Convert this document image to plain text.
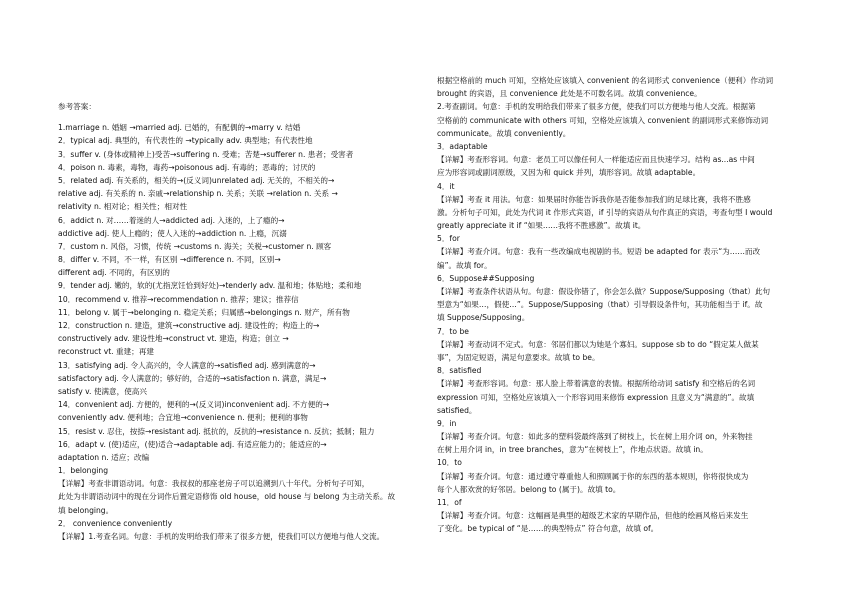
参考答案：
1.marriage n. 婚姻 →married adj. 已婚的，有配偶的→marry v. 结婚
2．typical adj. 典型的，有代表性的 →typically adv. 典型地；有代表性地
3．suffer v. (身体或精神上)受苦→suffering n. 受难；苦楚→sufferer n. 患者；受害者
4．poison n. 毒素，毒物，毒药→poisonous adj. 有毒的；恶毒的；讨厌的
5．related adj. 有关系的，相关的→(反义词)unrelated adj. 无关的，不相关的→
relative adj. 有关系的 n. 亲戚→relationship n. 关系；关联 →relation n. 关系 →
relativity n. 相对论；相关性；相对性
6．addict n. 对……着迷的人→addicted adj. 入迷的，上了瘾的→
addictive adj. 使人上瘾的；使人入迷的→addiction n. 上瘾，沉溺
7．custom n. 风俗，习惯，传统 →customs n. 海关；关税→customer n. 顾客
8．differ v. 不同，不一样，有区别 →difference n. 不同，区别→
different adj. 不同的，有区别的
9．tender adj. 嫩的，软的(尤指烹饪恰到好处)→tenderly adv. 温和地；体贴地；柔和地
10．recommend v. 推荐→recommendation n. 推荐；建议；推荐信
11．belong v. 属于→belonging n. 稳定关系；归属感→belongings n. 财产，所有物
12．construction n. 建造，建筑→constructive adj. 建设性的；构造上的→
constructively adv. 建设性地→construct vt. 建造，构造；创立 →
reconstruct vt. 重建；再建
13．satisfying adj. 令人高兴的，令人满意的→satisfied adj. 感到满意的→
satisfactory adj. 令人满意的；够好的，合适的→satisfaction n. 满意，满足→
satisfy v. 使满意，使高兴
14．convenient adj. 方便的，便利的→(反义词)inconvenient adj. 不方便的→
conveniently adv. 便利地；合宜地→convenience n. 便利；便利的事物
15．resist v. 忍住，按捺→resistant adj. 抵抗的，反抗的→resistance n. 反抗；抵制；阻力
16．adapt v. (使)适应，(使)适合→adaptable adj. 有适应能力的；能适应的→
adaptation n. 适应；改编
1．belonging
【详解】考查非谓语动词。句意：我叔叔的那座老房子可以追溯到八十年代。分析句子可知，
此处为非谓语动词中的现在分词作后置定语修饰 old house，old house 与 belong 为主动关系。故
填 belonging。
2． convenience conveniently
【详解】1.考查名词。句意：手机的发明给我们带来了很多方便，使我们可以方便地与他人交流。
根据空格前的 much 可知，空格处应该填入 convenient 的名词形式 convenience（便利）作动词
brought 的宾语，且 convenience 此处是不可数名词。故填 convenience。
2.考查副词。句意：手机的发明给我们带来了很多方便，使我们可以方便地与他人交流。根据第
空格前的 communicate with others 可知，空格处应该填入 convenient 的副词形式来修饰动词
communicate。故填 conveniently。
3．adaptable
【详解】考查形容词。句意：老员工可以像任何人一样能适应而且快速学习。结构 as...as 中间
应为形容词或副词原级，又因为和 quick 并列，填形容词。故填 adaptable。
4．it
【详解】考查 it 用法。句意：如果届时你能告诉我你是否能参加我们的足球比赛，我将不胜感
激。分析句子可知，此处为代词 it 作形式宾语，if 引导的宾语从句作真正的宾语，考查句型 I would
greatly appreciate it if “如果……我将不胜感激”。故填 it。
5．for
【详解】考查介词。句意：我有一些改编成电视剧的书。短语 be adapted for 表示“为……而改
编”。故填 for。
6．Suppose##Supposing
【详解】考查条件状语从句。句意：假设你错了，你会怎么做？Suppose/Supposing（that）此句
型意为“如果…，假使…”。Suppose/Supposing（that）引导假设条件句，其功能相当于 if。故
填 Suppose/Supposing。
7．to be
【详解】考查动词不定式。句意：邻居们都以为她是个寡妇。suppose sb to do “假定某人做某
事”，为固定短语，满足句意要求。故填 to be。
8．satisfied
【详解】考查形容词。句意：那人脸上带着满意的表情。根据所给动词 satisfy 和空格后的名词
expression 可知，空格处应该填入一个形容词用来修饰 expression 且意义为“满意的”。故填
satisfied。
9．in
【详解】考查介词。句意：如此多的塑料袋最终落到了树枝上，长在树上用介词 on，外来物挂
在树上用介词 in，in tree branches，意为“在树枝上”，作地点状语。故填 in。
10．to
【详解】考查介词。句意：通过遵守尊重他人和照顾属于你的东西的基本规则，你将很快成为
每个人都欢赏的好邻居。belong to (属于)。故填 to。
11．of
【详解】考查介词。句意：这幅画是典型的超级艺术家的早期作品，但他的绘画风格后来发生
了变化。be typical of “是……的典型特点” 符合句意，故填 of。
